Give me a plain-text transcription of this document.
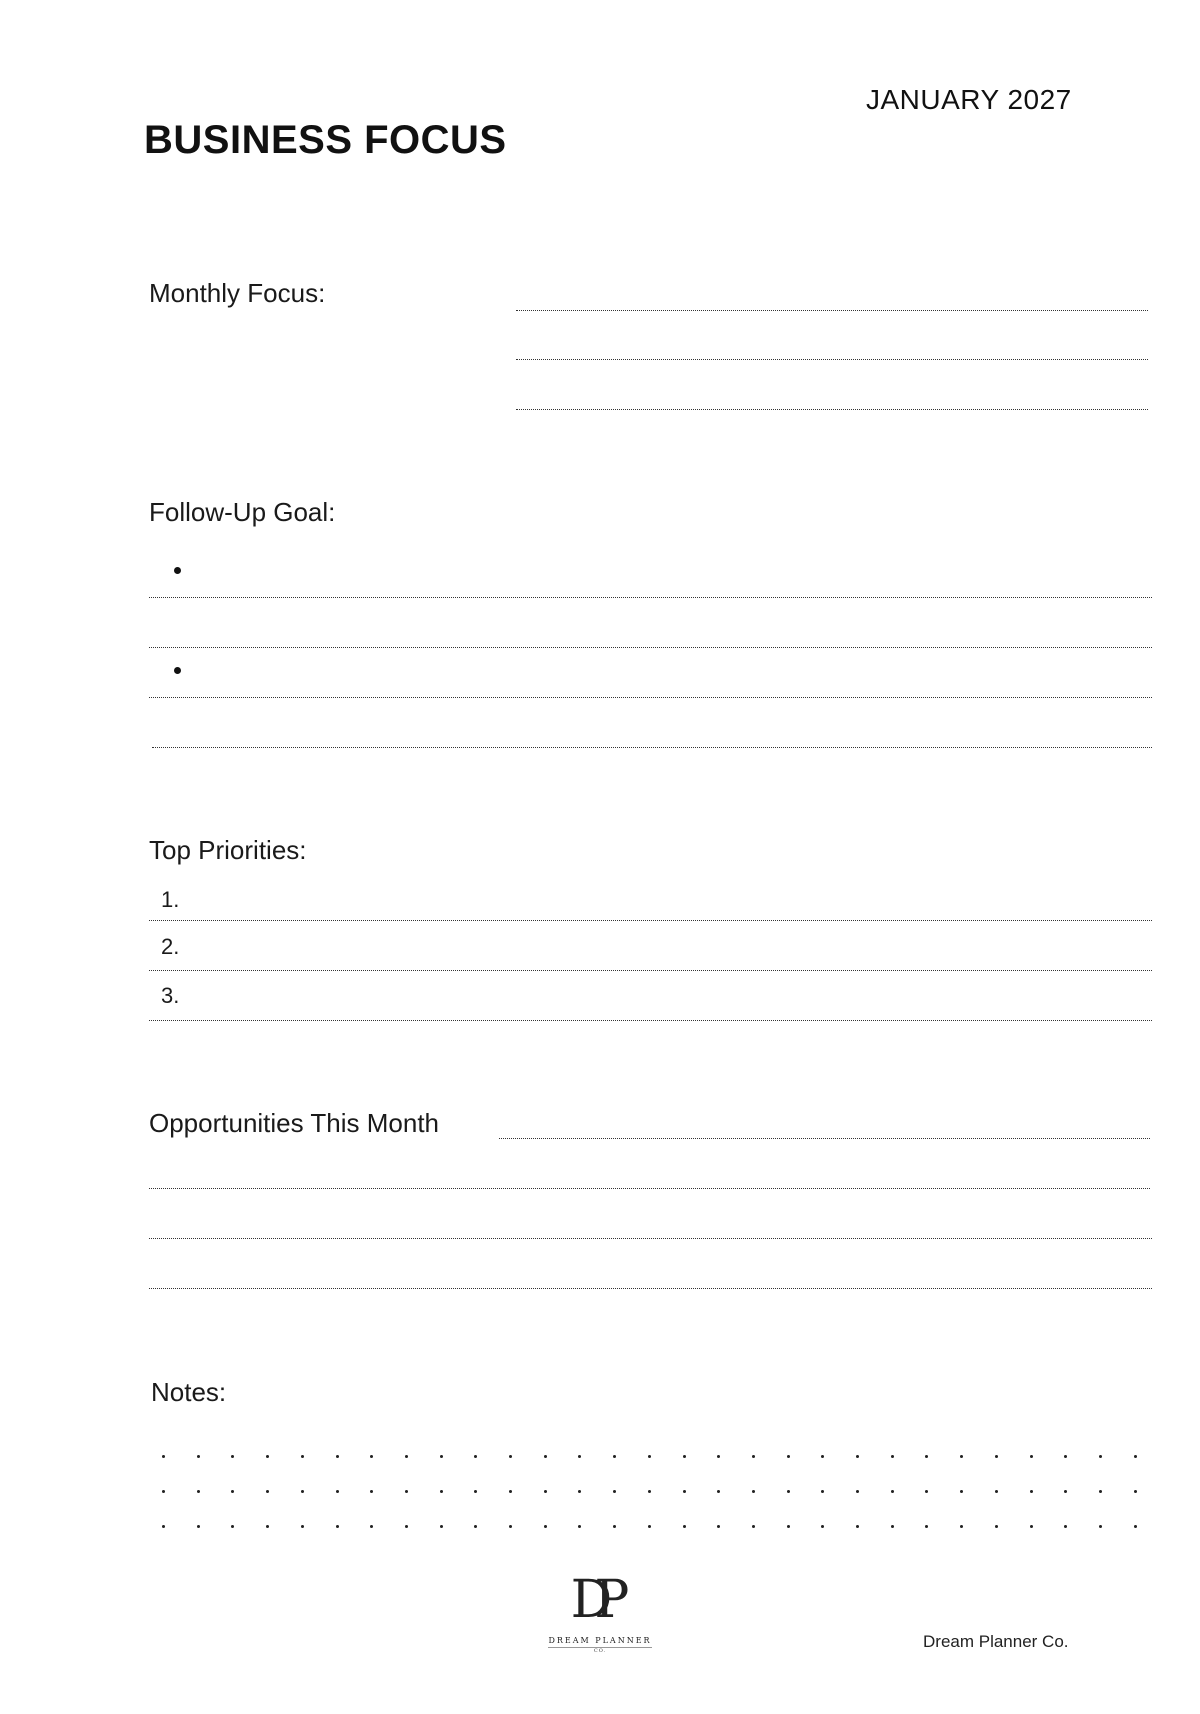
JANUARY 2027
BUSINESS FOCUS
Monthly Focus:
Follow-Up Goal:
Top Priorities:
1.
2.
3.
Opportunities This Month
Notes:
DP
DREAM PLANNER
CO.	Dream Planner Co.
